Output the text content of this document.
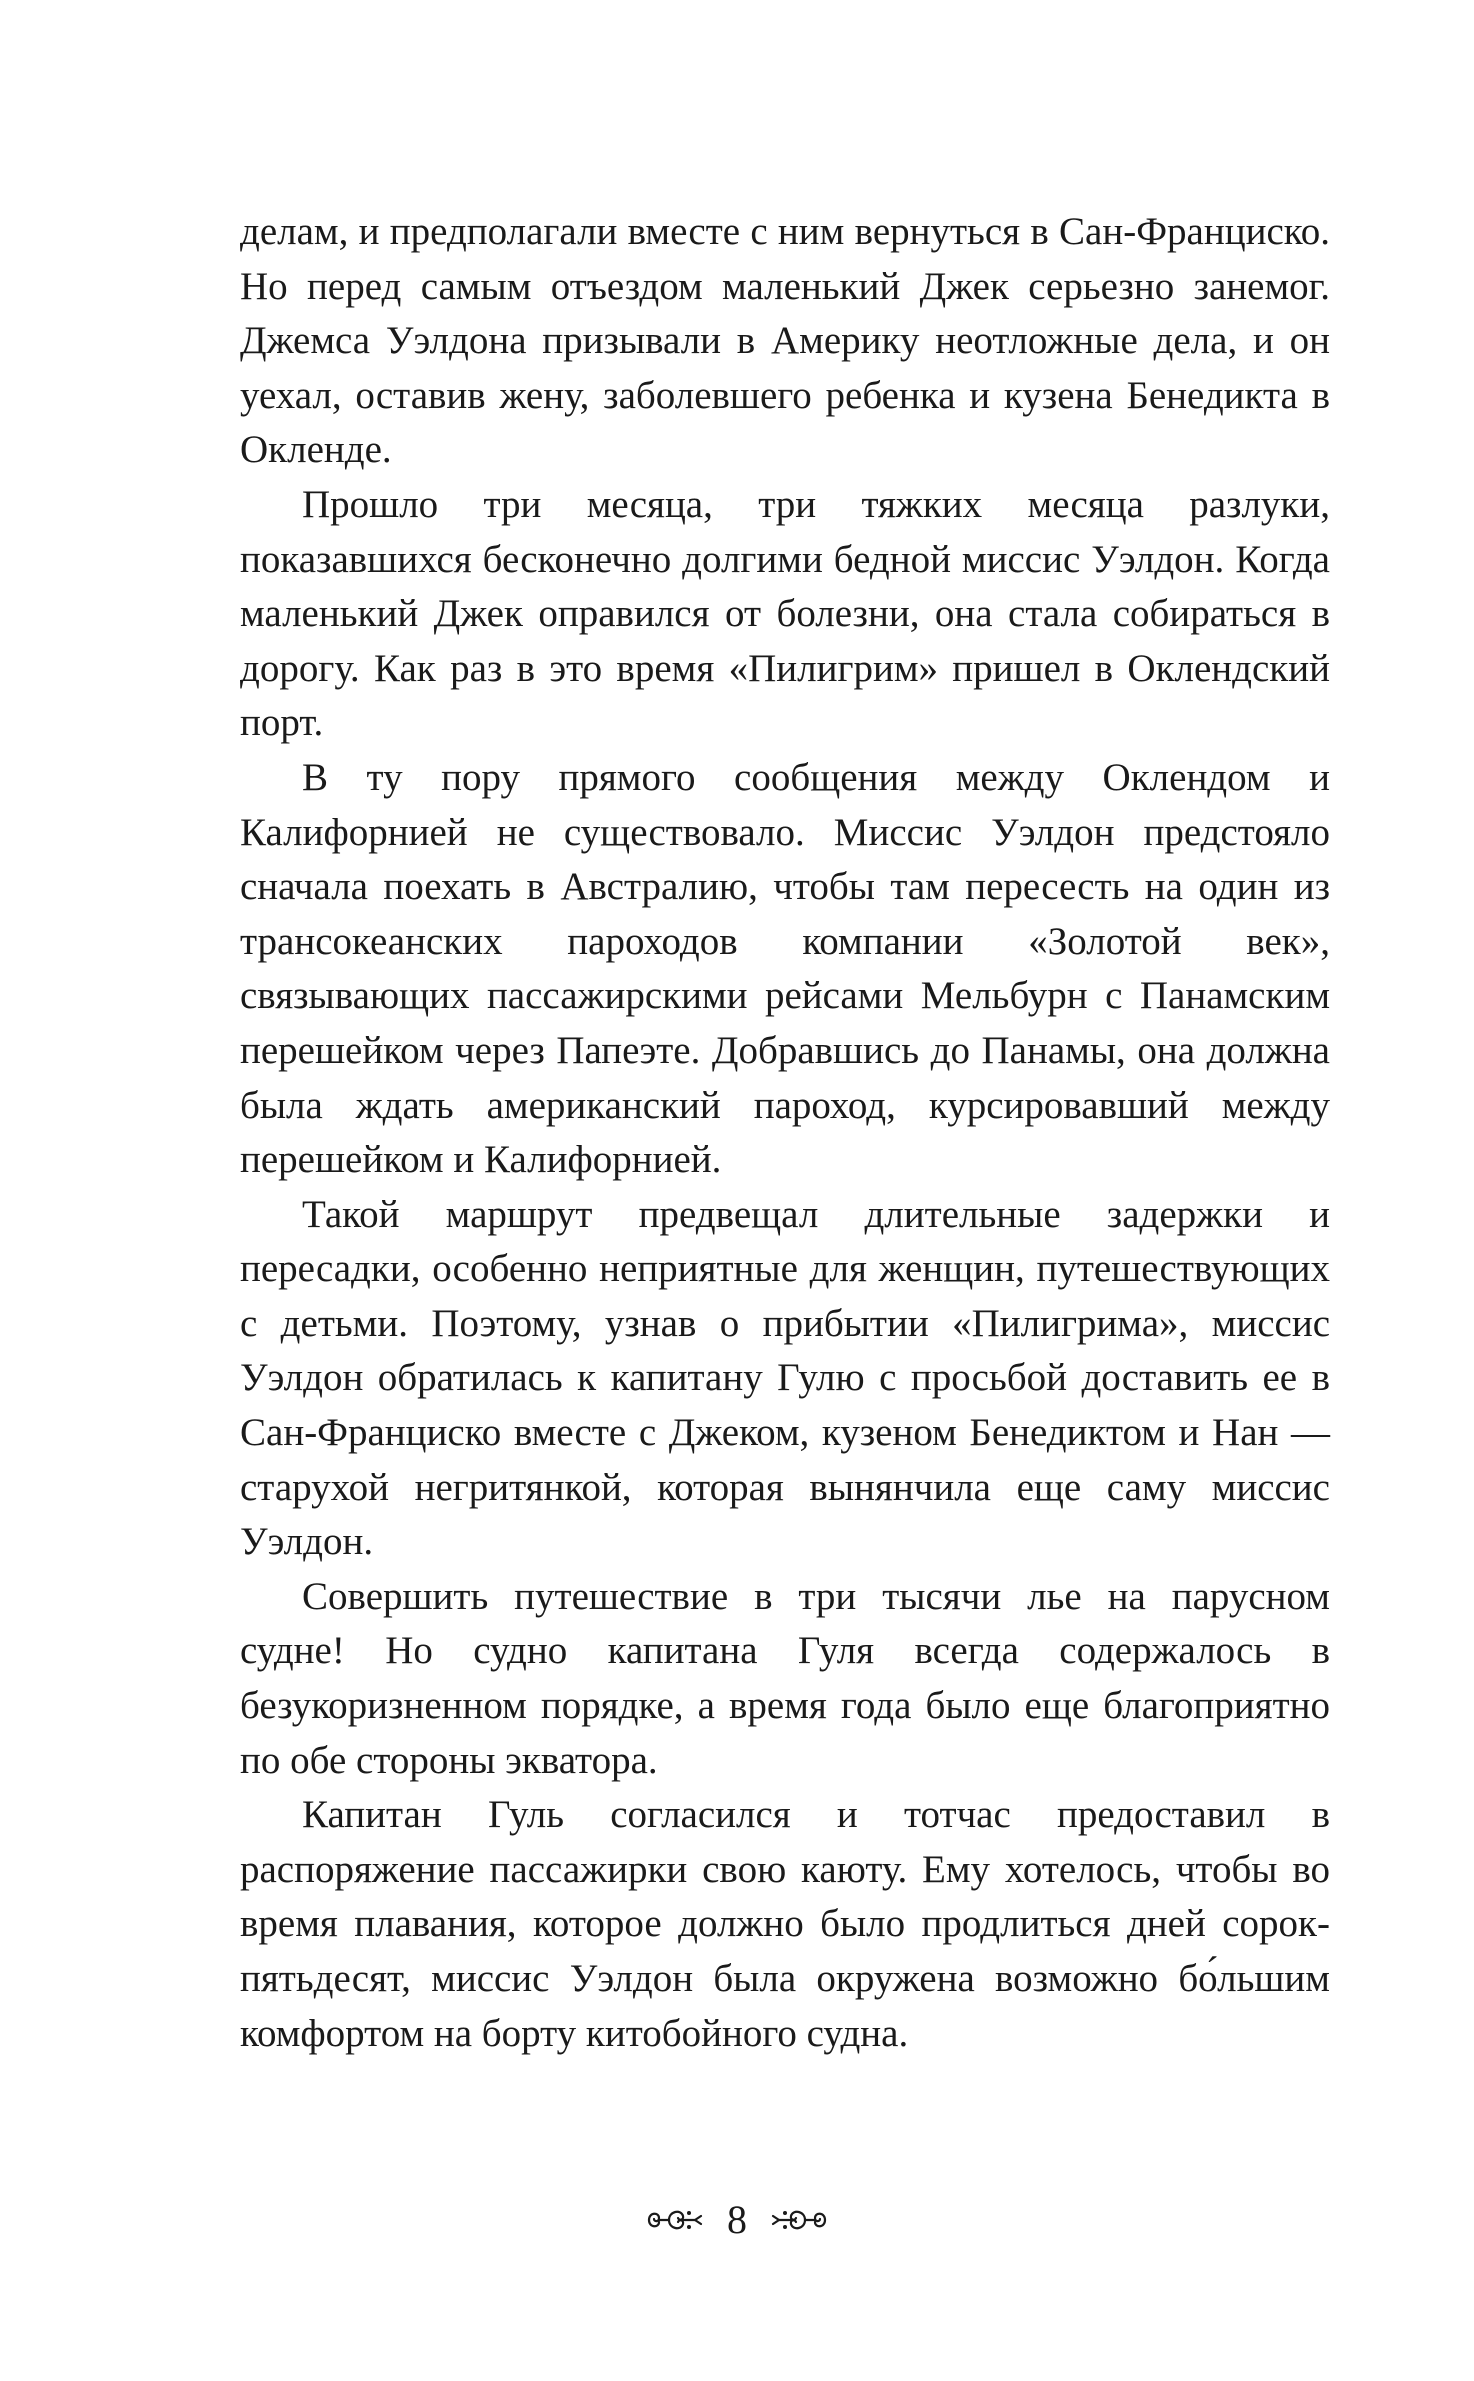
делам, и предполагали вместе с ним вернуться в Сан-Франциско. Но перед самым отъездом маленький Джек серьезно занемог. Джемса Уэлдона призывали в Америку неотложные дела, и он уехал, оставив жену, заболевшего ребенка и кузена Бенедикта в Окленде.

Прошло три месяца, три тяжких месяца разлуки, показавшихся бесконечно долгими бедной миссис Уэлдон. Когда маленький Джек оправился от болезни, она стала собираться в дорогу. Как раз в это время «Пилигрим» пришел в Оклендский порт.

В ту пору прямого сообщения между Оклендом и Калифорнией не существовало. Миссис Уэлдон предстояло сначала поехать в Австралию, чтобы там пересесть на один из трансокеанских пароходов компании «Золотой век», связывающих пассажирскими рейсами Мельбурн с Панамским перешейком через Папеэте. Добравшись до Панамы, она должна была ждать американский пароход, курсировавший между перешейком и Калифорнией.

Такой маршрут предвещал длительные задержки и пересадки, особенно неприятные для женщин, путешествующих с детьми. Поэтому, узнав о прибытии «Пилигрима», миссис Уэлдон обратилась к капитану Гулю с просьбой доставить ее в Сан-Франциско вместе с Джеком, кузеном Бенедиктом и Нан — старухой негритянкой, которая вынянчила еще саму миссис Уэлдон.

Совершить путешествие в три тысячи лье на парусном судне! Но судно капитана Гуля всегда содержалось в безукоризненном порядке, а время года было еще благоприятно по обе стороны экватора.

Капитан Гуль согласился и тотчас предоставил в распоряжение пассажирки свою каюту. Ему хотелось, чтобы во время плавания, которое должно было продлиться дней сорок-пятьдесят, миссис Уэлдон была окружена возможно бо́льшим комфортом на борту китобойного судна.

8
